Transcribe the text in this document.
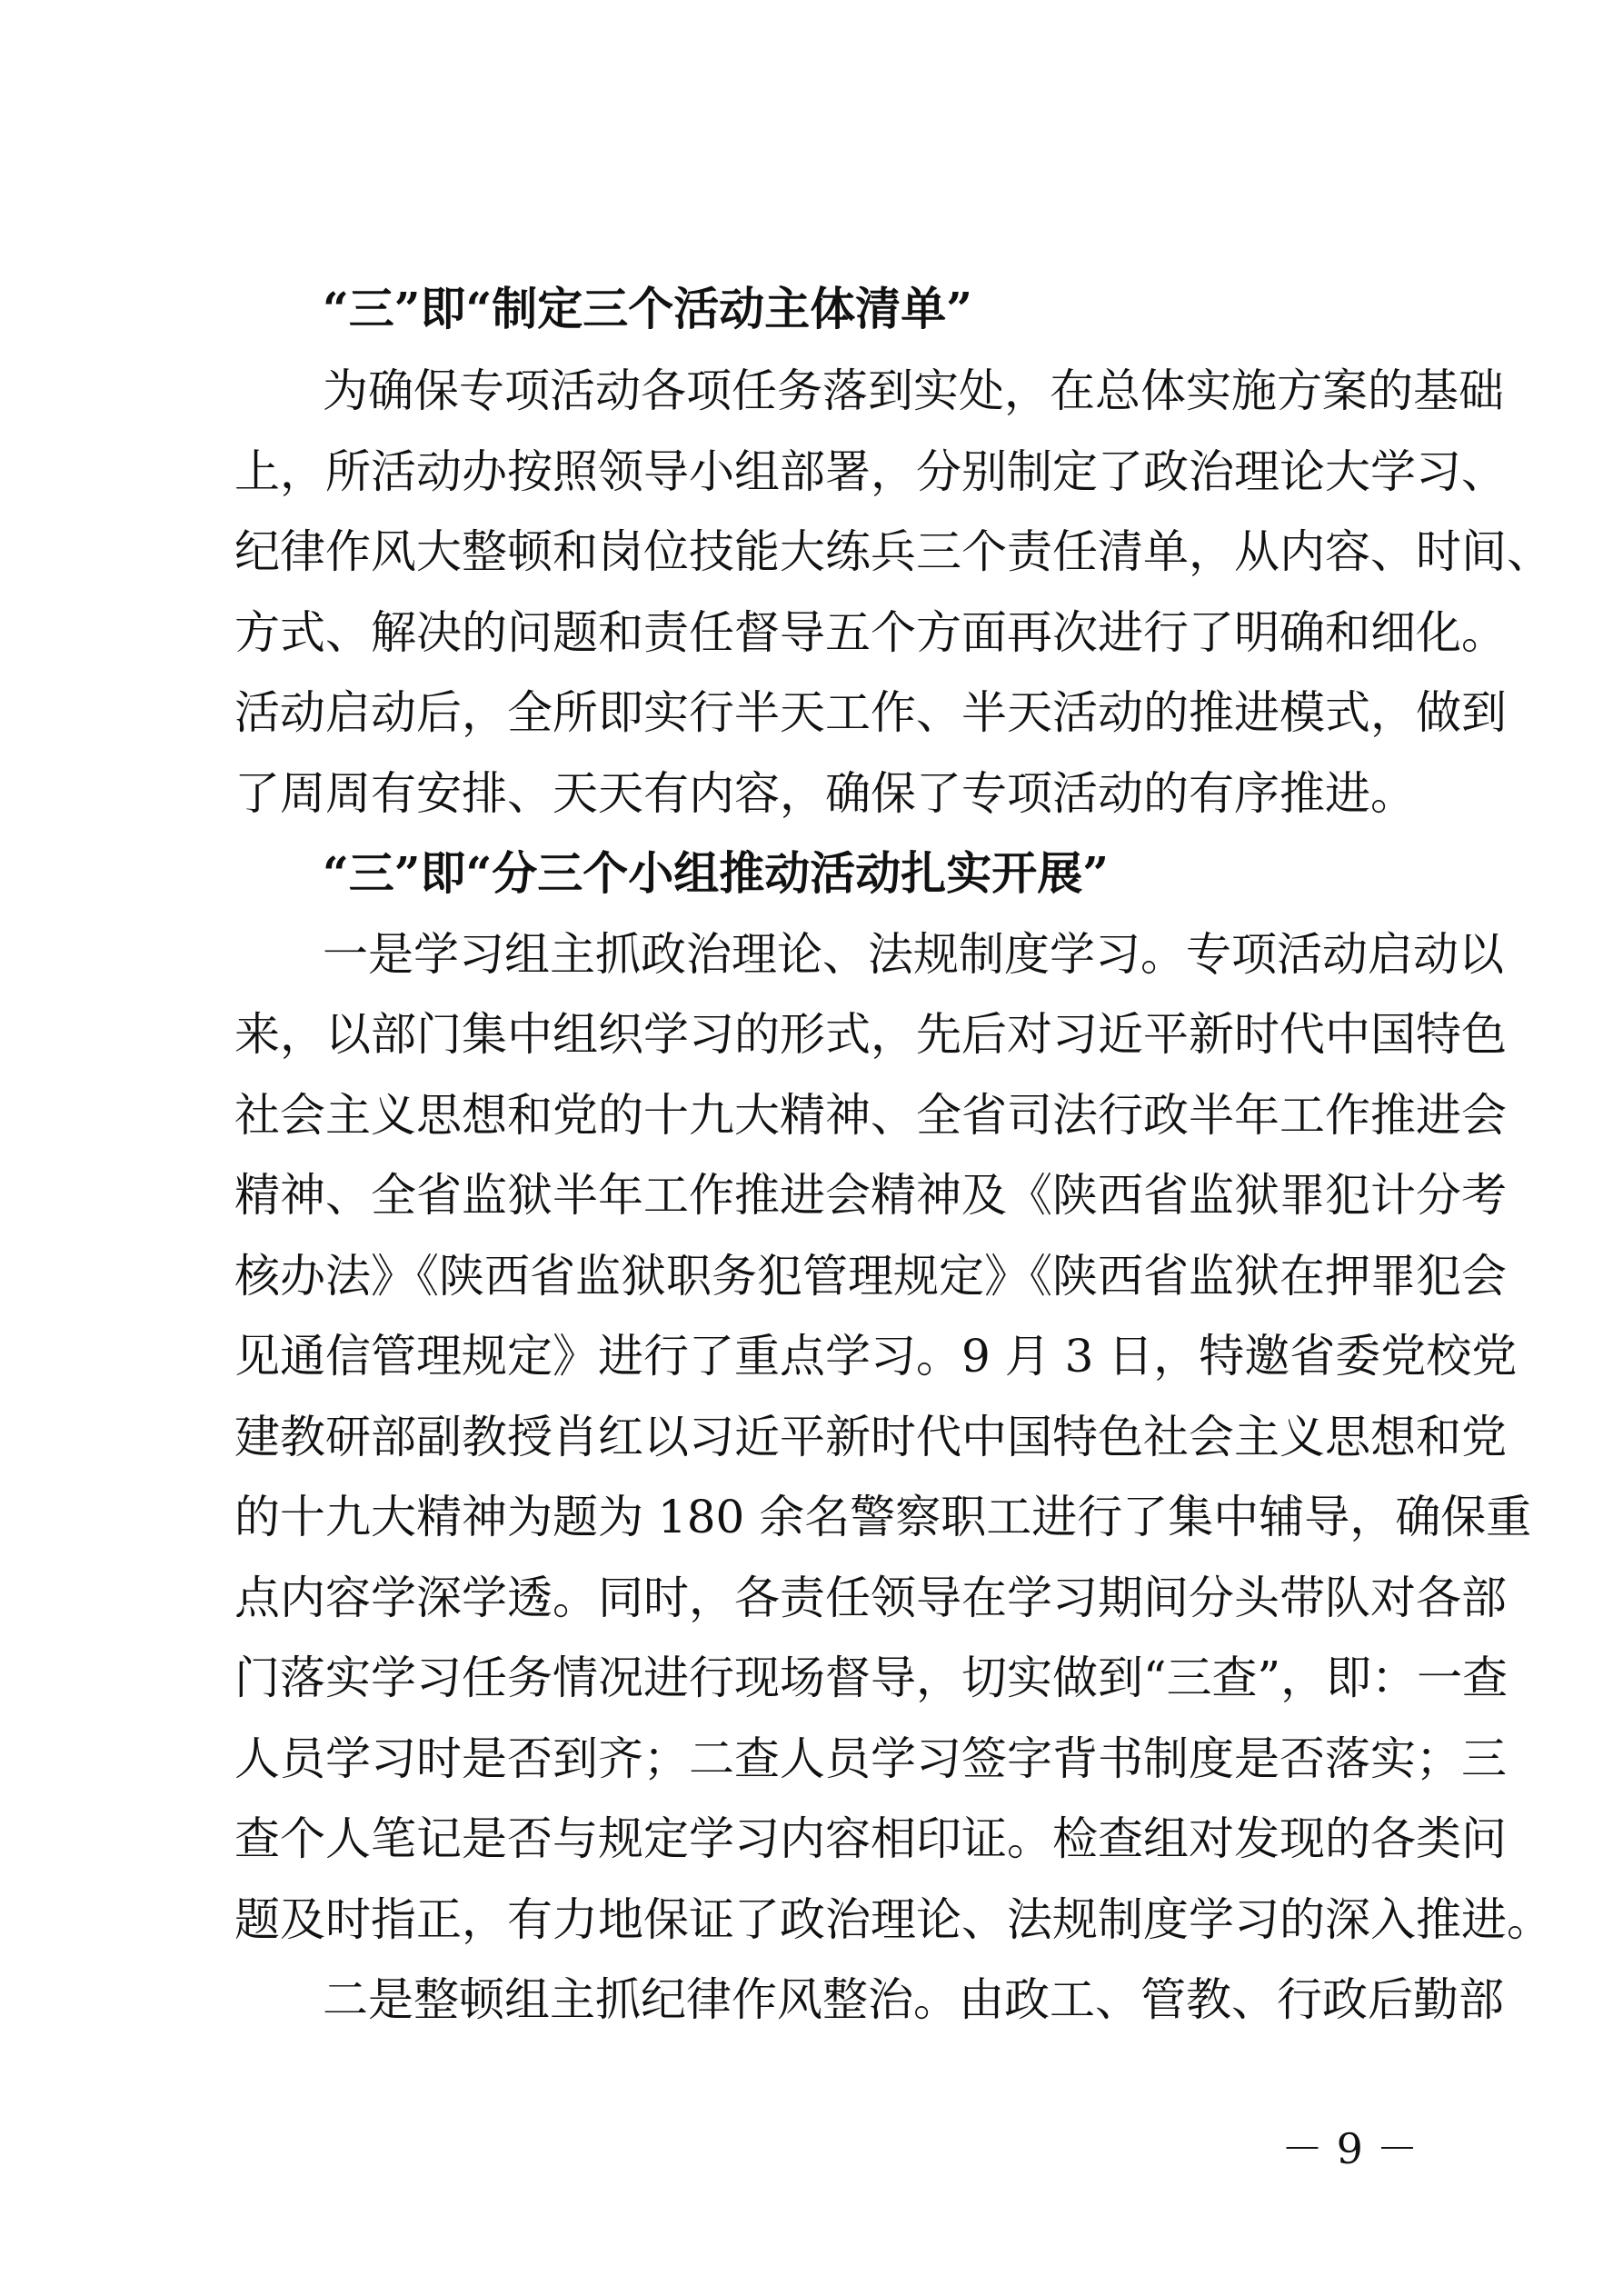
“三”即“制定三个活动主体清单”
为确保专项活动各项任务落到实处，在总体实施方案的基础
上，所活动办按照领导小组部署，分别制定了政治理论大学习、
纪律作风大整顿和岗位技能大练兵三个责任清单，从内容、时间、
方式、解决的问题和责任督导五个方面再次进行了明确和细化。
活动启动后，全所即实行半天工作、半天活动的推进模式，做到
了周周有安排、天天有内容，确保了专项活动的有序推进。
“三”即“分三个小组推动活动扎实开展”
一是学习组主抓政治理论、法规制度学习。专项活动启动以
来，以部门集中组织学习的形式，先后对习近平新时代中国特色
社会主义思想和党的十九大精神、全省司法行政半年工作推进会
精神、全省监狱半年工作推进会精神及《陕西省监狱罪犯计分考
核办法》《陕西省监狱职务犯管理规定》《陕西省监狱在押罪犯会
见通信管理规定》进行了重点学习。9 月 3 日，特邀省委党校党
建教研部副教授肖红以习近平新时代中国特色社会主义思想和党
的十九大精神为题为 180 余名警察职工进行了集中辅导，确保重
点内容学深学透。同时，各责任领导在学习期间分头带队对各部
门落实学习任务情况进行现场督导，切实做到“三查”，即：一查
人员学习时是否到齐；二查人员学习签字背书制度是否落实；三
查个人笔记是否与规定学习内容相印证。检查组对发现的各类问
题及时指正，有力地保证了政治理论、法规制度学习的深入推进。
二是整顿组主抓纪律作风整治。由政工、管教、行政后勤部
－ 9 －
